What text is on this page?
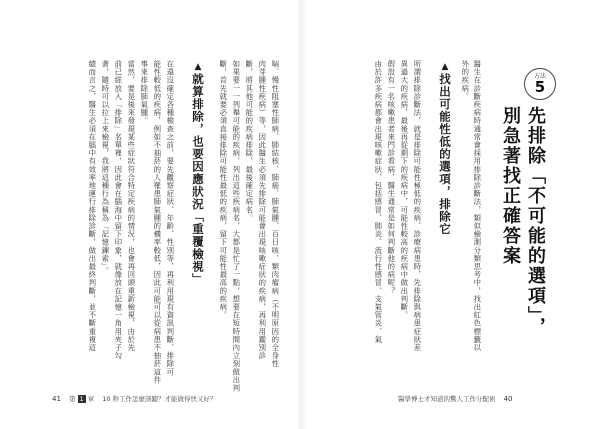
方法
5
先排除「不可能的選項」，
別急著找正確答案
醫生在診斷疾病時通常會採用排除診斷法，類似檢測分類思考中，找出紅色標籤以
外的疾病。
▲找出可能性低的選項，排除它
所謂排除診斷法，就是排除可能性極低的疾病、診療病患時，先排除與病患症狀差
異過大的疾病，最後再從剩下的疾病中，可能性較高的疾病中做出判斷。
假設有一名咳嗽患者來門診看病，醫生通常是如何判斷他的病呢？
由於許多疾病都會出現咳嗽症狀，包括感冒、肺炎、流行性感冒、支氣管炎、氣
醫學博士才知道的驚人工作分配術 40
喘、慢性阻塞性肺病、肺結核、肺癌、肺氣腫、百日咳、類肉瘤病（不明原因的全身性
肉芽腫性疾病）等，因此醫生必須先排除可能會出現咳嗽症狀的疾病，再利用鑑別診
斷，將其他可能的疾病排除，最後確定病名。
如果要一一列舉可能的疾病，列出這些疾病名，大都是忙了一點，想要在短時間內立刻做出判
斷，首先就要必須直接排除可能性最低的疾病，留下可能性最高的疾病。
▲就算排除，也要因應狀況「重覆檢視」
在還沒確定各種檢查之前，要先觀察症狀、年齡、性別等，再利用現有資訊判斷、排除可
能性較低的疾病，例如不抽菸的人罹患肺氣腫的機率較低，因此可能可以從病患不抽菸這件
事來排除肺氣腫。
當然，要是後來發現某些症狀符合特定疾病的情況，也會再回頭重新檢視，由於先
前已經放入「排除」名單裡，因此會在腦海中留下印象，就像放在記憶一角用夾子勾
著，隨時可以拉上來檢視，我將這種行為稱為「記憶鍊索」。
總而言之，醫生必須在腦中有效率地運行排除診斷，做出最終判斷，並不斷重複這
41 第 1 章 10 秒工作怎麼該聽？才能做得快又好？
